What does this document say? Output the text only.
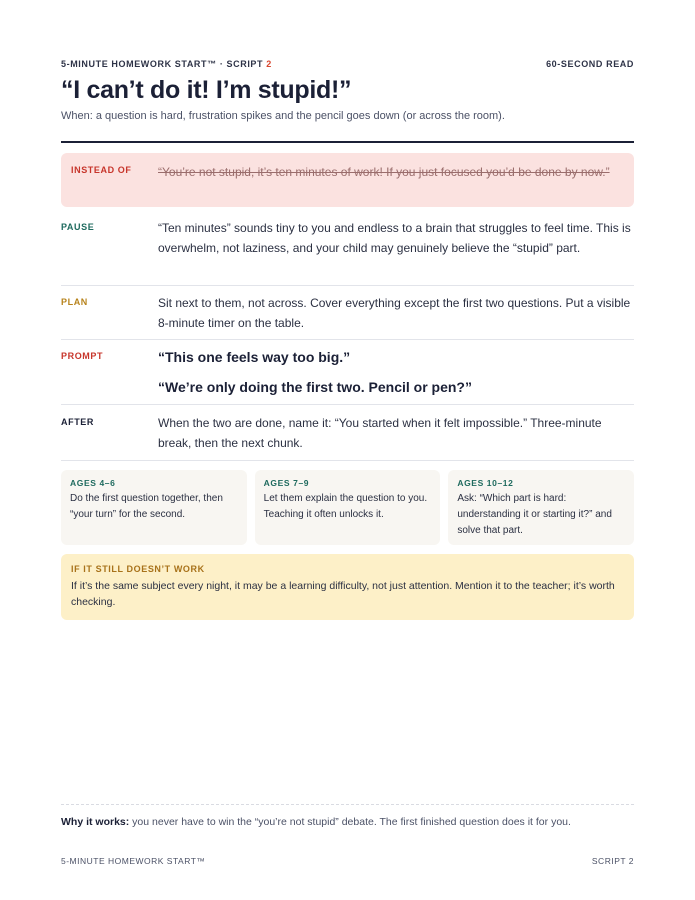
5-MINUTE HOMEWORK START™ · SCRIPT 2	60-SECOND READ
“I can’t do it! I’m stupid!”
When: a question is hard, frustration spikes and the pencil goes down (or across the room).
INSTEAD OF “You’re not stupid, it’s ten minutes of work! If you just focused you’d be done by now.”
PAUSE	“Ten minutes” sounds tiny to you and endless to a brain that struggles to feel time. This is overwhelm, not laziness, and your child may genuinely believe the “stupid” part.
PLAN	Sit next to them, not across. Cover everything except the first two questions. Put a visible 8-minute timer on the table.
PROMPT	“This one feels way too big.”
“We’re only doing the first two. Pencil or pen?”
AFTER	When the two are done, name it: “You started when it felt impossible.” Three-minute break, then the next chunk.
AGES 4–6
Do the first question together, then “your turn” for the second.
AGES 7–9
Let them explain the question to you. Teaching it often unlocks it.
AGES 10–12
Ask: “Which part is hard: understanding it or starting it?” and solve that part.
IF IT STILL DOESN’T WORK
If it’s the same subject every night, it may be a learning difficulty, not just attention. Mention it to the teacher; it’s worth checking.
Why it works: you never have to win the “you’re not stupid” debate. The first finished question does it for you.
5-MINUTE HOMEWORK START™	SCRIPT 2
